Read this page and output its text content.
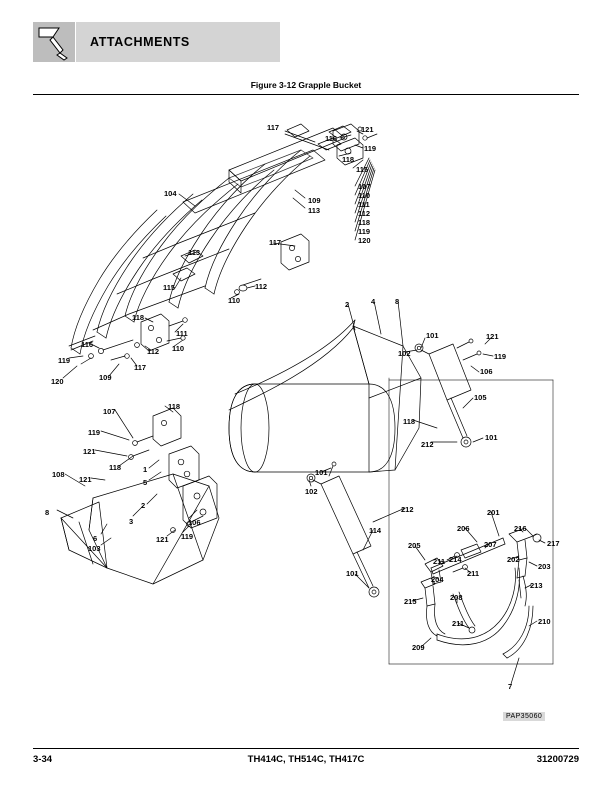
ATTACHMENTS
Figure 3-12 Grapple Bucket
117
116
121
119
118
115
107
110
111
112
118
119
120
109
113
104
113
115
117
112
110
118
111
110
112
116
119
120	109
117
107
118
119
121
118
121
108
1
5
3
2
8
6
103
121 119
106
2	4	8
101	121
102	119
106
105
118
212
101
101
102
212
114
101
201
206	216
207	217
205
214	202
203
211
211
204
213
208
215
211	210
209
7
PAP35060
3-34	TH414C, TH514C, TH417C	31200729
